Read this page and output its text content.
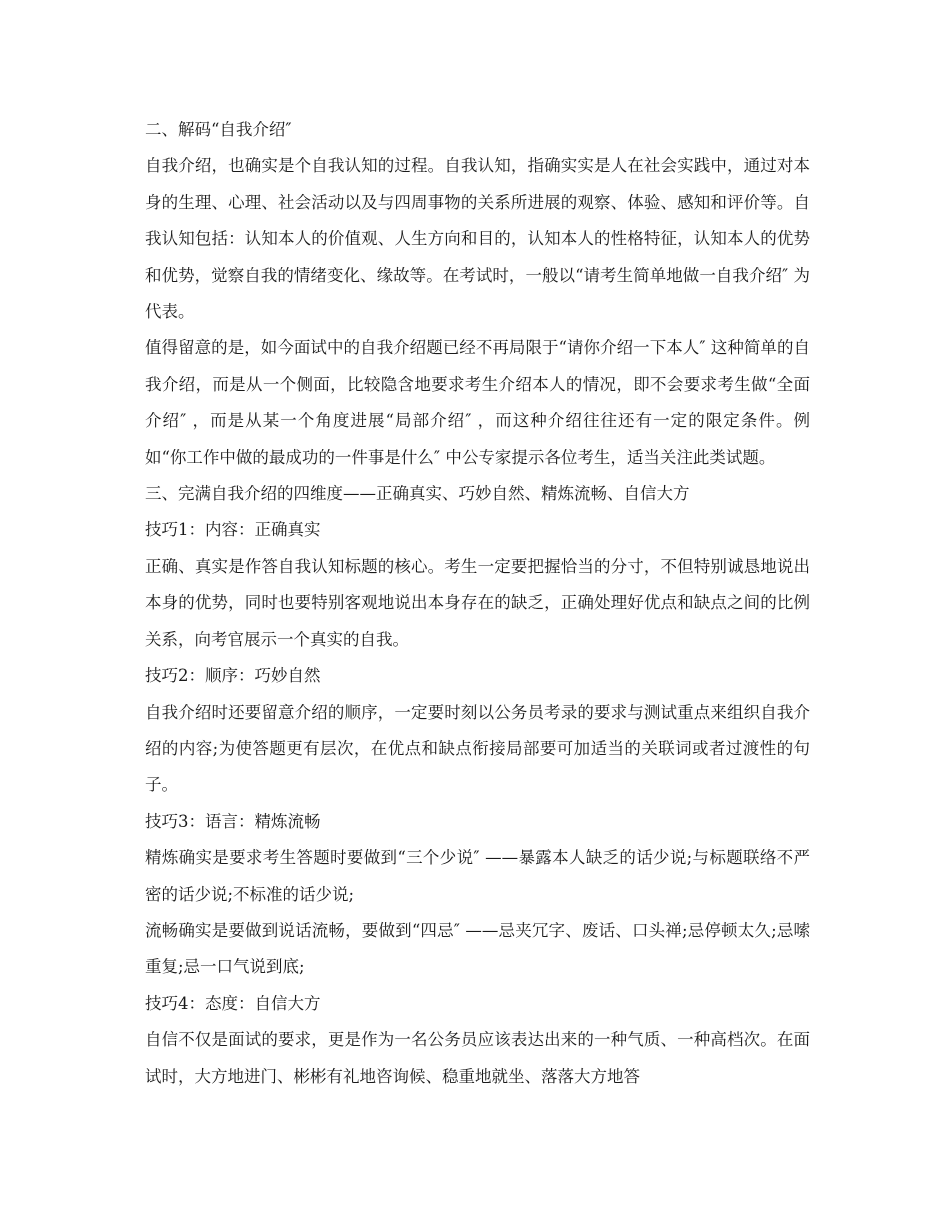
二、解码“自我介绍″

自我介绍，也确实是个自我认知的过程。自我认知，指确实实是人在社会实践中，通过对本身的生理、心理、社会活动以及与四周事物的关系所进展的观察、体验、感知和评价等。自我认知包括：认知本人的价值观、人生方向和目的，认知本人的性格特征，认知本人的优势和优势，觉察自我的情绪变化、缘故等。在考试时，一般以“请考生简单地做一自我介绍″ 为代表。

值得留意的是，如今面试中的自我介绍题已经不再局限于“请你介绍一下本人″ 这种简单的自我介绍，而是从一个侧面，比较隐含地要求考生介绍本人的情况，即不会要求考生做“全面介绍″ ，而是从某一个角度进展“局部介绍″ ，而这种介绍往往还有一定的限定条件。例如“你工作中做的最成功的一件事是什么″ 中公专家提示各位考生，适当关注此类试题。

三、完满自我介绍的四维度——正确真实、巧妙自然、精炼流畅、自信大方

技巧1：内容：正确真实

正确、真实是作答自我认知标题的核心。考生一定要把握恰当的分寸，不但特别诚恳地说出本身的优势，同时也要特别客观地说出本身存在的缺乏，正确处理好优点和缺点之间的比例关系，向考官展示一个真实的自我。

技巧2：顺序：巧妙自然

自我介绍时还要留意介绍的顺序，一定要时刻以公务员考录的要求与测试重点来组织自我介绍的内容;为使答题更有层次，在优点和缺点衔接局部要可加适当的关联词或者过渡性的句子。

技巧3：语言：精炼流畅

精炼确实是要求考生答题时要做到“三个少说″ ——暴露本人缺乏的话少说;与标题联络不严密的话少说;不标准的话少说;

流畅确实是要做到说话流畅，要做到“四忌″ ——忌夹冗字、废话、口头禅;忌停顿太久;忌嗦重复;忌一口气说到底;

技巧4：态度：自信大方

自信不仅是面试的要求，更是作为一名公务员应该表达出来的一种气质、一种高档次。在面试时，大方地进门、彬彬有礼地咨询候、稳重地就坐、落落大方地答
